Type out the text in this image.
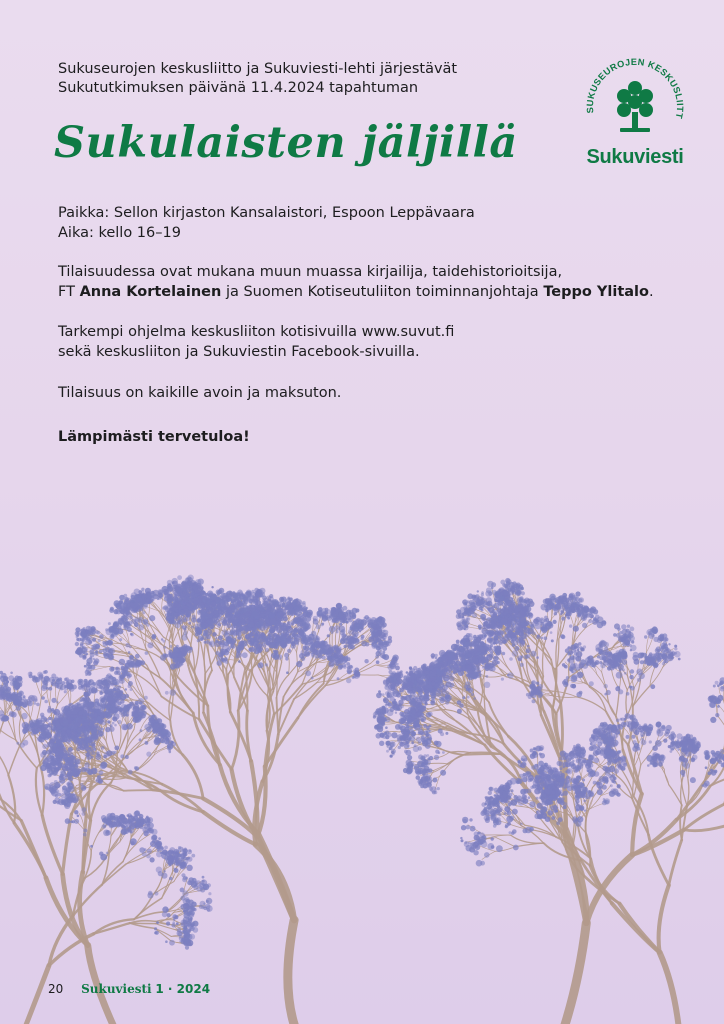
Sukuseurojen keskusliitto ja Sukuviesti-lehti järjestävät
Sukututkimuksen päivänä 11.4.2024 tapahtuman
Sukulaisten jäljillä
SUKUSEUROJEN KESKUSLIITT
Sukuviesti
Paikka: Sellon kirjaston Kansalaistori, Espoon Leppävaara
Aika: kello 16–19
Tilaisuudessa ovat mukana muun muassa kirjailija, taidehistorioitsija,
FT Anna Kortelainen ja Suomen Kotiseutuliiton toiminnanjohtaja Teppo Ylitalo.
Tarkempi ohjelma keskusliiton kotisivuilla www.suvut.fi
sekä keskusliiton ja Sukuviestin Facebook-sivuilla.
Tilaisuus on kaikille avoin ja maksuton.
Lämpimästi tervetuloa!
20 Sukuviesti 1 · 2024
